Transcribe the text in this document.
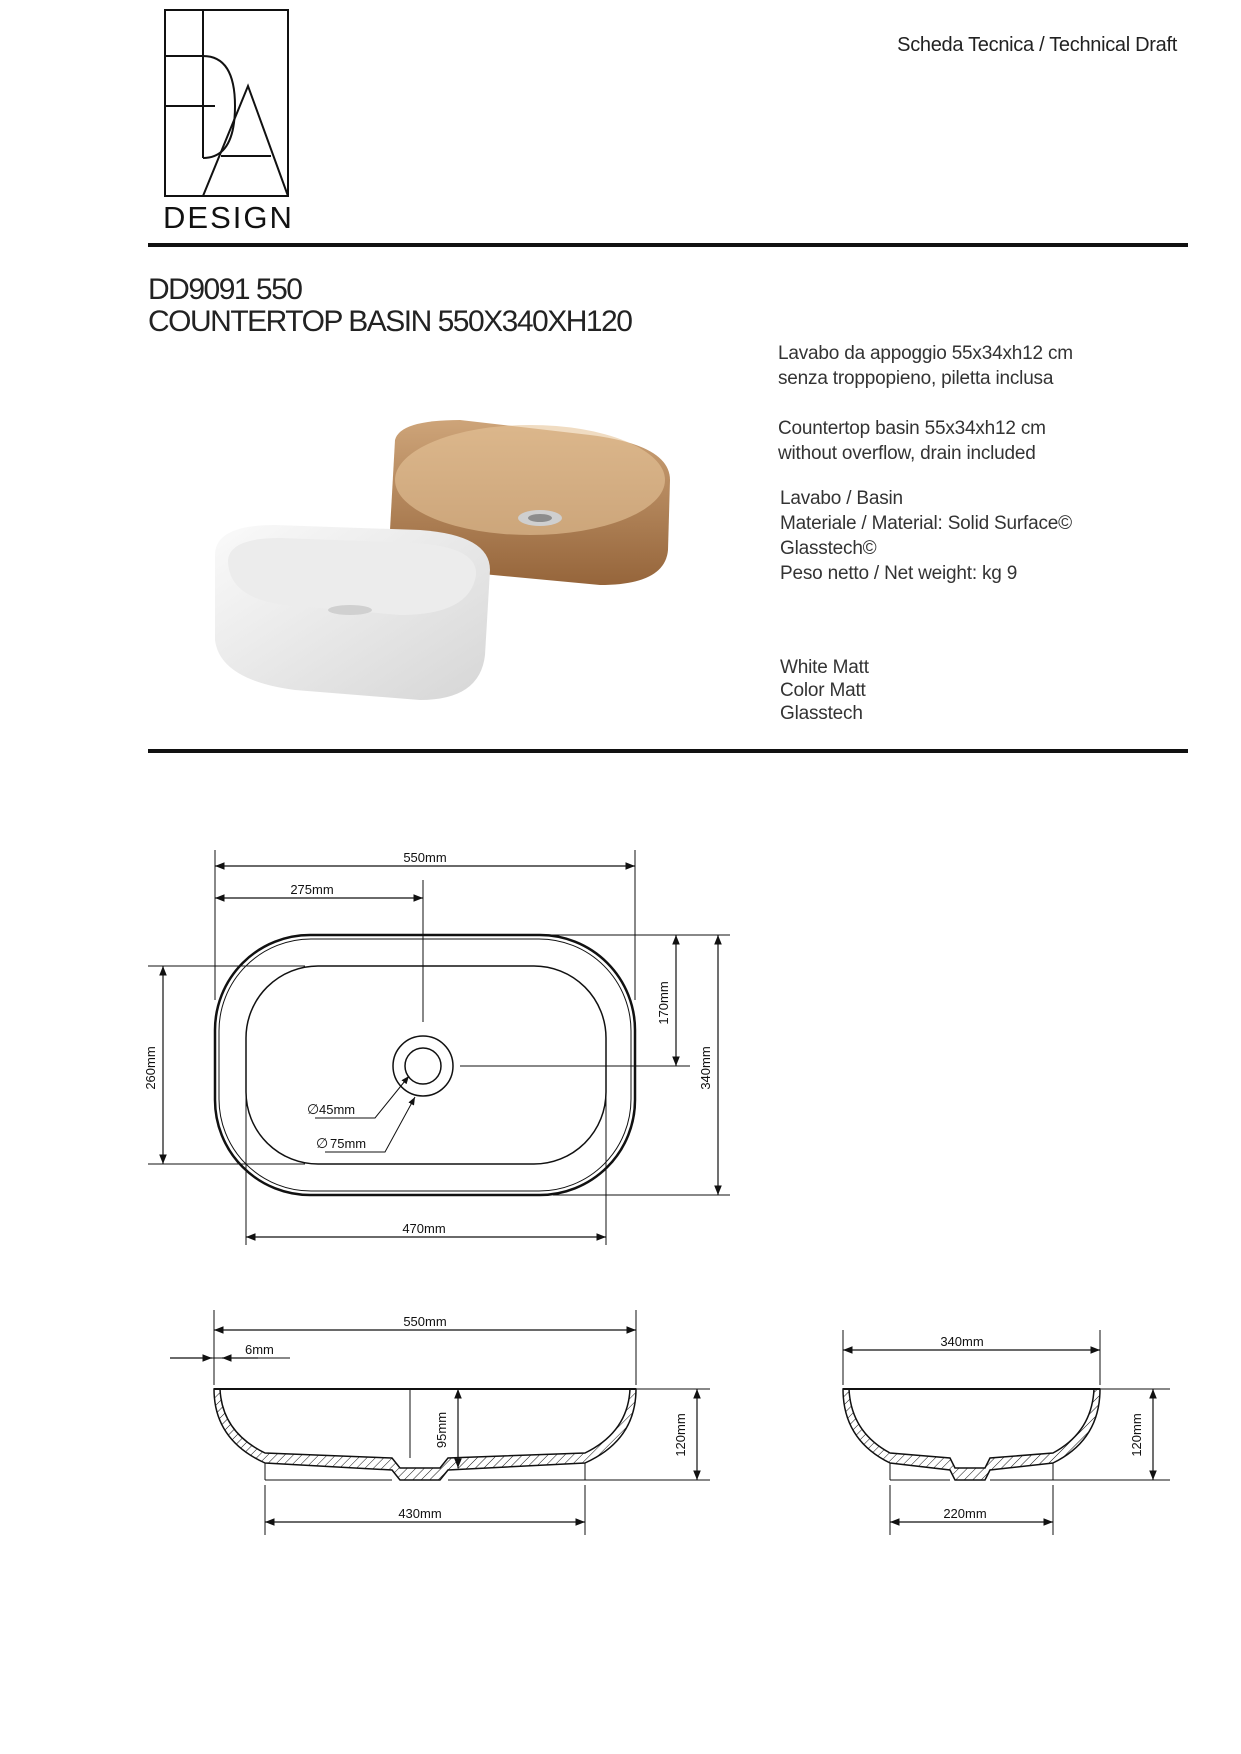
DESIGN
Scheda Tecnica / Technical Draft
DD9091 550
COUNTERTOP BASIN 550X340XH120
Lavabo da appoggio 55x34xh12 cm
senza troppopieno, piletta inclusa
Countertop basin 55x34xh12 cm
without overflow, drain included
Lavabo / Basin
Materiale / Material: Solid Surface©
Glasstech©
Peso netto / Net weight: kg 9
White Matt
Color Matt
Glasstech
550mm
275mm
470mm
260mm	340mm
170mm
∅ 45mm
∅ 75mm
550mm
6mm
95mm	120mm
430mm
340mm
120mm
220mm
